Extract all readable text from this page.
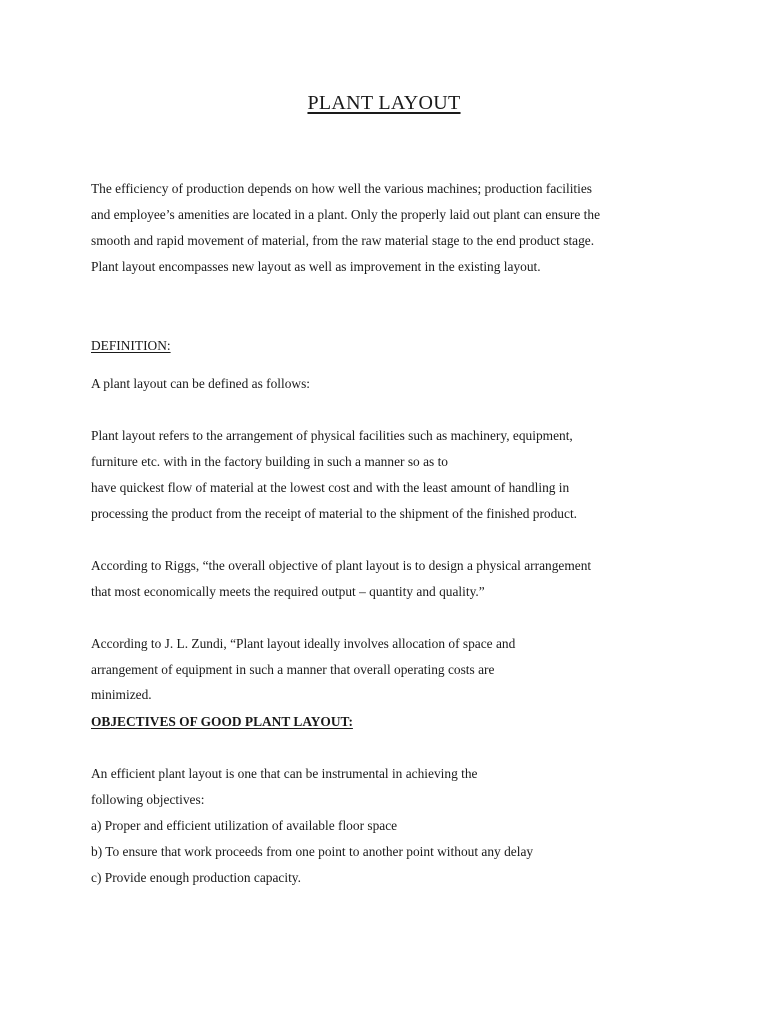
PLANT LAYOUT
The efficiency of production depends on how well the various machines; production facilities
and employee’s amenities are located in a plant. Only the properly laid out plant can ensure the
smooth and rapid movement of material, from the raw material stage to the end product stage.
Plant layout encompasses new layout as well as improvement in the existing layout.
DEFINITION:
A plant layout can be defined as follows:
Plant layout refers to the arrangement of physical facilities such as machinery, equipment,
furniture etc. with in the factory building in such a manner so as to
have quickest flow of material at the lowest cost and with the least amount of handling in
processing the product from the receipt of material to the shipment of the finished product.
According to Riggs, “the overall objective of plant layout is to design a physical arrangement
that most economically meets the required output – quantity and quality.”
According to J. L. Zundi, “Plant layout ideally involves allocation of space and
arrangement of equipment in such a manner that overall operating costs are
minimized.
OBJECTIVES OF GOOD PLANT LAYOUT:
An efficient plant layout is one that can be instrumental in achieving the
following objectives:
a) Proper and efficient utilization of available floor space
b) To ensure that work proceeds from one point to another point without any delay
c) Provide enough production capacity.
